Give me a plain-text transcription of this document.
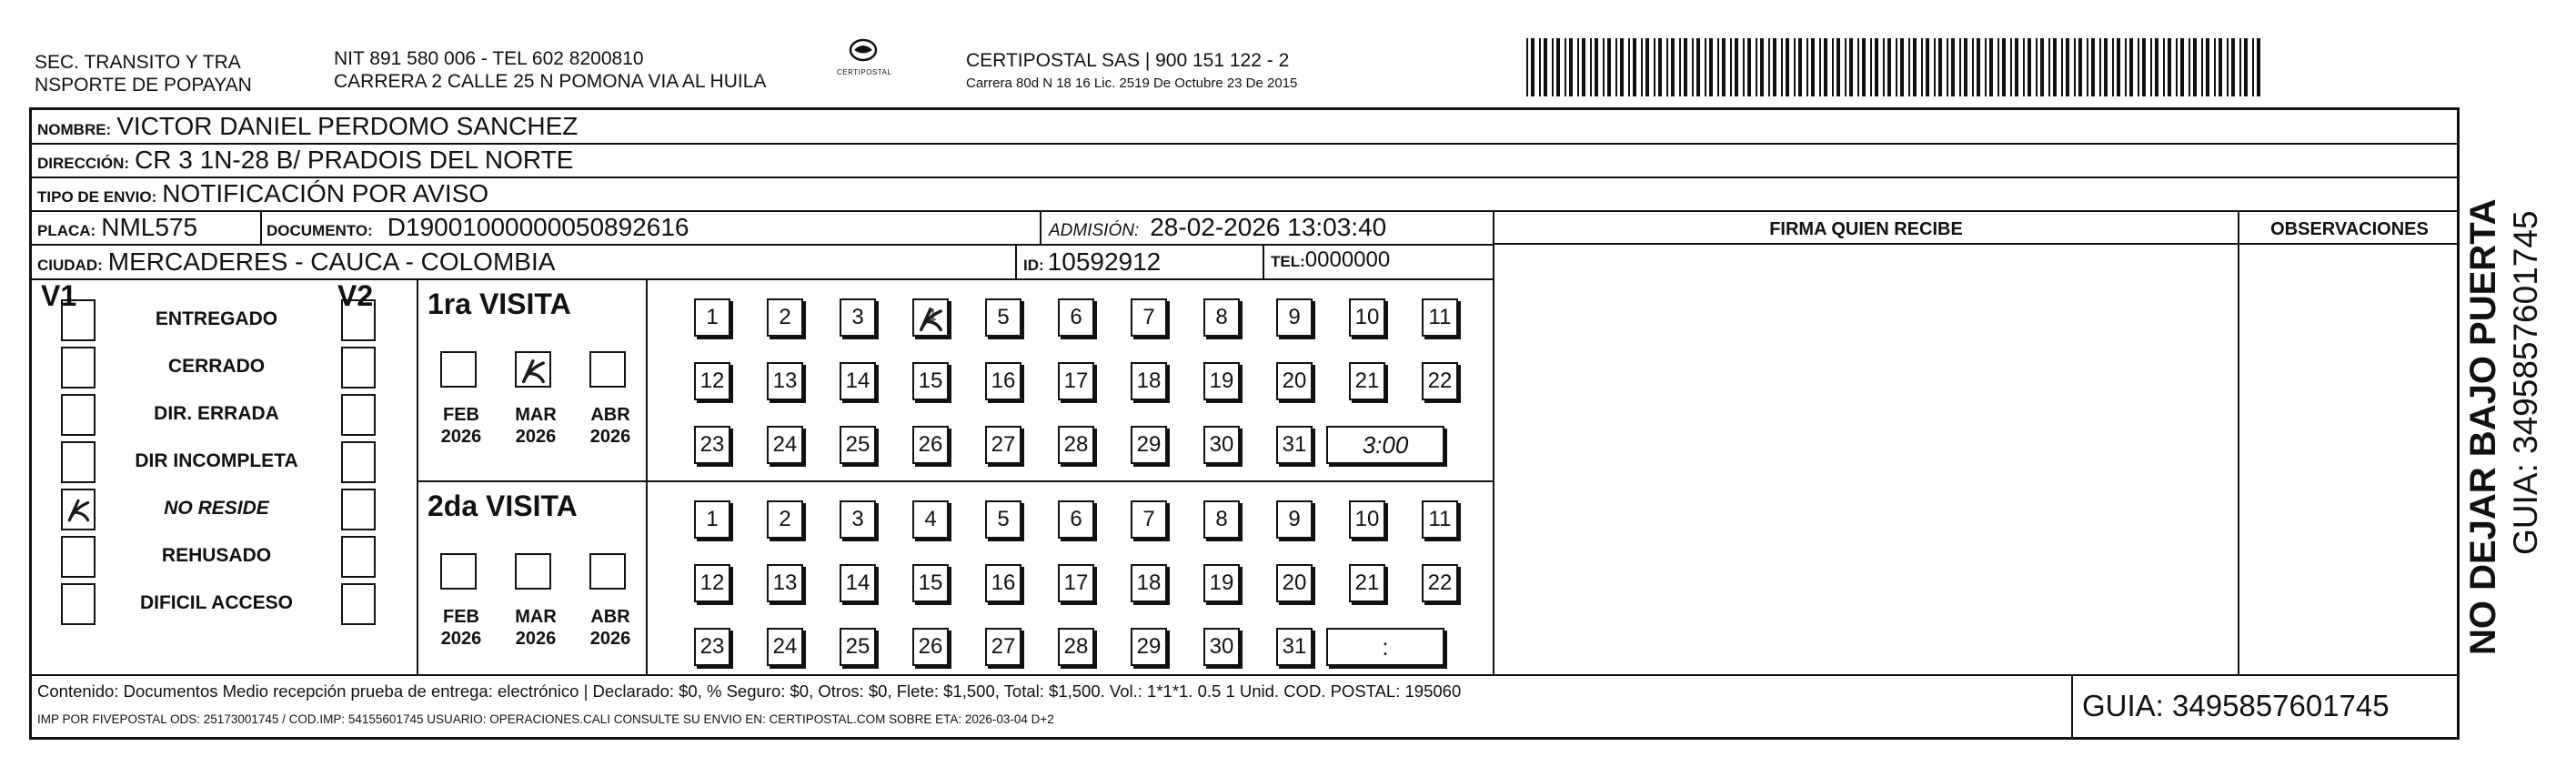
SEC. TRANSITO Y TRA
NSPORTE DE POPAYAN
NIT 891 580 006 - TEL 602 8200810
CARRERA 2 CALLE 25 N POMONA VIA AL HUILA	CERTIPOSTAL
CERTIPOSTAL SAS | 900 151 122 - 2
Carrera 80d N 18 16 Lic. 2519 De Octubre 23 De 2015
NOMBRE: VICTOR DANIEL PERDOMO SANCHEZ
DIRECCIÓN: CR 3 1N-28 B/ PRADOIS DEL NORTE
TIPO DE ENVIO: NOTIFICACIÓN POR AVISO
PLACA: NML575	DOCUMENTO: D19001000000050892616	ADMISIÓN: 28-02-2026 13:03:40
CIUDAD: MERCADERES - CAUCA - COLOMBIA	ID: 10592912	TEL: 0000000
FIRMA QUIEN RECIBE	OBSERVACIONES
V1	V2
ENTREGADO
CERRADO
DIR. ERRADA
DIR INCOMPLETA
NO RESIDE
REHUSADO
DIFICIL ACCESO
1ra VISITA
FEB
2026
MAR
2026
ABR
2026
1	2	3	4	5	6	7	8	9	10	11
12 13 14 15 16 17 18 19 20 21 22
23 24 25 26 27 28 29 30 31	3:00
2da VISITA
FEB
2026
MAR
2026
ABR
2026
1	2	3	4	5	6	7	8	9	10	11
12 13 14 15 16 17 18 19 20 21 22
23 24 25 26 27 28 29 30 31	:
Contenido: Documentos Medio recepción prueba de entrega: electrónico | Declarado: $0, % Seguro: $0, Otros: $0, Flete: $1,500, Total: $1,500. Vol.: 1*1*1. 0.5 1 Unid. COD. POSTAL: 195060
IMP POR FIVEPOSTAL ODS: 25173001745 / COD.IMP: 54155601745 USUARIO: OPERACIONES.CALI CONSULTE SU ENVIO EN: CERTIPOSTAL.COM SOBRE ETA: 2026-03-04 D+2	GUIA: 3495857601745
NO DEJAR BAJO PUERTA GUIA: 3495857601745
